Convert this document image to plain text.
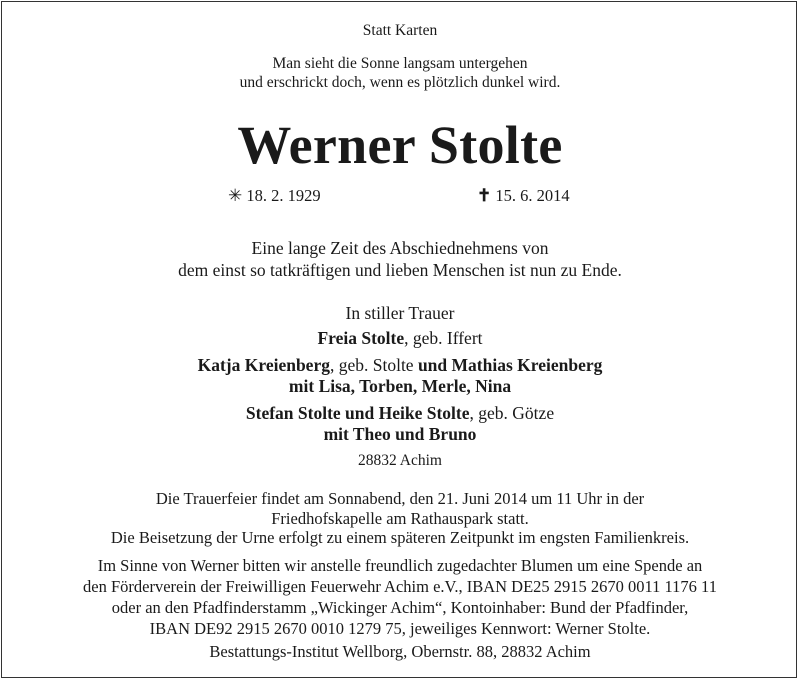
Statt Karten
Man sieht die Sonne langsam untergehen
und erschrickt doch, wenn es plötzlich dunkel wird.
Werner Stolte
✳ 18. 2. 1929	✝ 15. 6. 2014
Eine lange Zeit des Abschiednehmens von
dem einst so tatkräftigen und lieben Menschen ist nun zu Ende.
In stiller Trauer
Freia Stolte, geb. Iffert
Katja Kreienberg, geb. Stolte und Mathias Kreienberg
mit Lisa, Torben, Merle, Nina
Stefan Stolte und Heike Stolte, geb. Götze
mit Theo und Bruno
28832 Achim
Die Trauerfeier findet am Sonnabend, den 21. Juni 2014 um 11 Uhr in der
Friedhofskapelle am Rathauspark statt.
Die Beisetzung der Urne erfolgt zu einem späteren Zeitpunkt im engsten Familienkreis.
Im Sinne von Werner bitten wir anstelle freundlich zugedachter Blumen um eine Spende an
den Förderverein der Freiwilligen Feuerwehr Achim e.V., IBAN DE25 2915 2670 0011 1176 11
oder an den Pfadfinderstamm „Wickinger Achim“, Kontoinhaber: Bund der Pfadfinder,
IBAN DE92 2915 2670 0010 1279 75, jeweiliges Kennwort: Werner Stolte.
Bestattungs-Institut Wellborg, Obernstr. 88, 28832 Achim
